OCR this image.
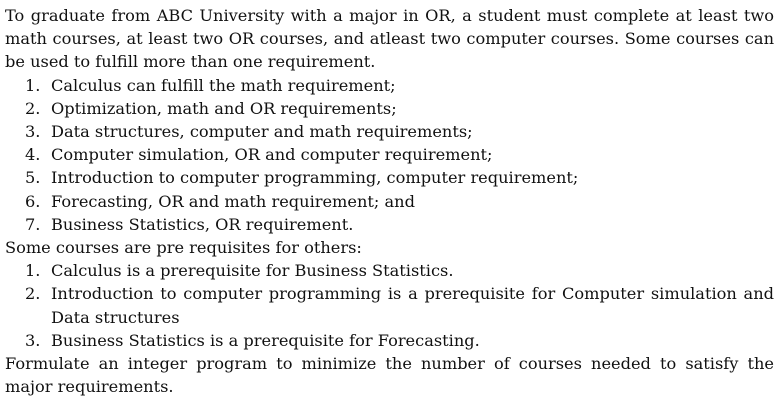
To graduate from ABC University with a major in OR, a student must complete at least two math courses, at least two OR courses, and atleast two computer courses. Some courses can be used to fulfill more than one requirement.

1. Calculus can fulfill the math requirement;
2. Optimization, math and OR requirements;
3. Data structures, computer and math requirements;
4. Computer simulation, OR and computer requirement;
5. Introduction to computer programming, computer requirement;
6. Forecasting, OR and math requirement; and
7. Business Statistics, OR requirement.

Some courses are pre requisites for others:

1. Calculus is a prerequisite for Business Statistics.
2. Introduction to computer programming is a prerequisite for Computer simulation and Data structures
3. Business Statistics is a prerequisite for Forecasting.

Formulate an integer program to minimize the number of courses needed to satisfy the major requirements.
